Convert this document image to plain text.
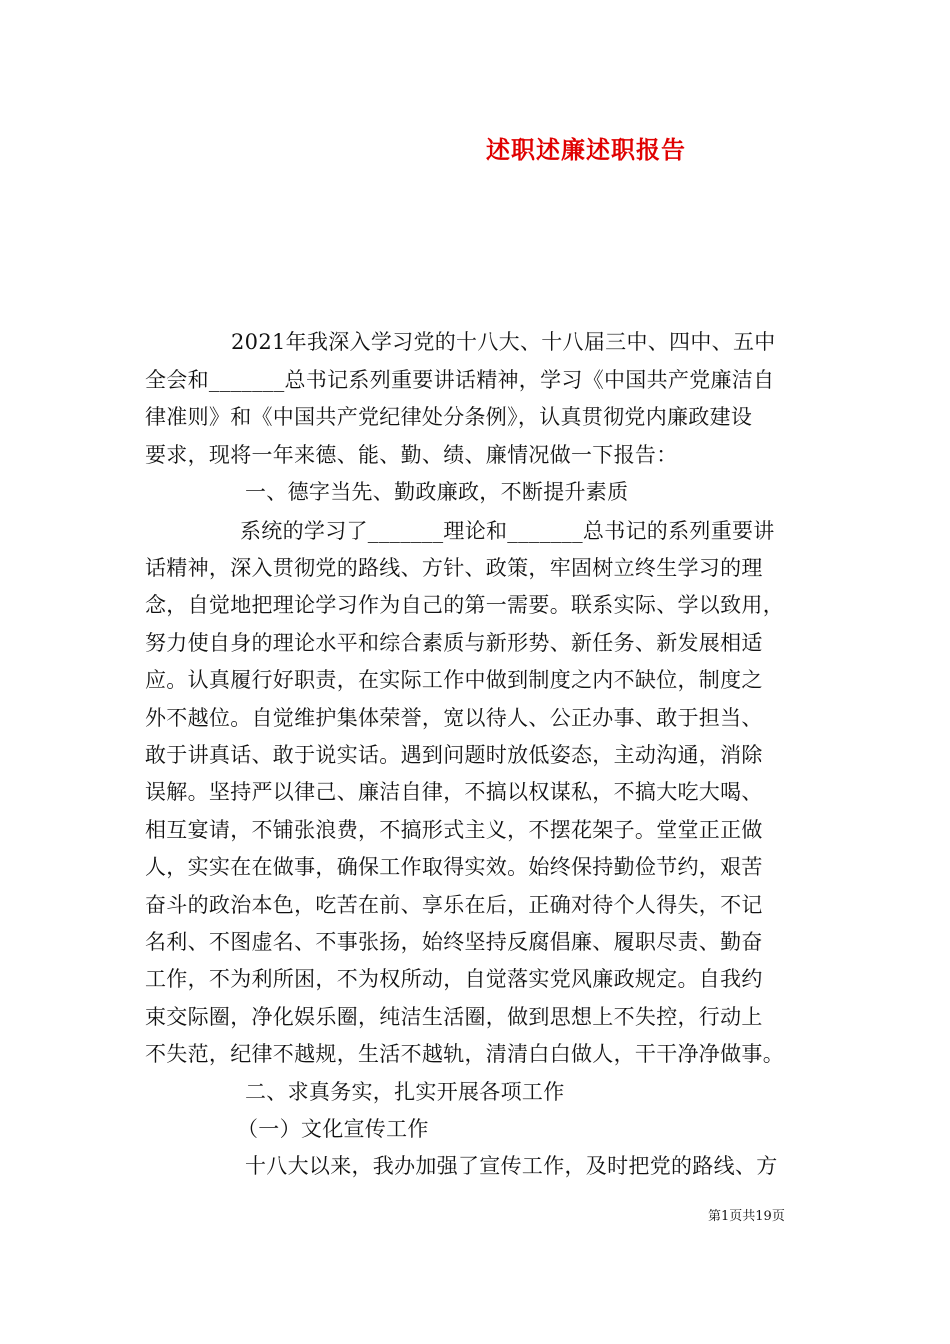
述职述廉述职报告
2021年我深入学习党的十八大、十八届三中、四中、五中
全会和_______总书记系列重要讲话精神，学习《中国共产党廉洁自
律准则》和《中国共产党纪律处分条例》，认真贯彻党内廉政建设
要求，现将一年来德、能、勤、绩、廉情况做一下报告：
一、德字当先、勤政廉政，不断提升素质
系统的学习了_______理论和_______总书记的系列重要讲
话精神，深入贯彻党的路线、方针、政策，牢固树立终生学习的理
念，自觉地把理论学习作为自己的第一需要。联系实际、学以致用，
努力使自身的理论水平和综合素质与新形势、新任务、新发展相适
应。认真履行好职责，在实际工作中做到制度之内不缺位，制度之
外不越位。自觉维护集体荣誉，宽以待人、公正办事、敢于担当、
敢于讲真话、敢于说实话。遇到问题时放低姿态，主动沟通，消除
误解。坚持严以律己、廉洁自律，不搞以权谋私，不搞大吃大喝、
相互宴请，不铺张浪费，不搞形式主义，不摆花架子。堂堂正正做
人，实实在在做事，确保工作取得实效。始终保持勤俭节约，艰苦
奋斗的政治本色，吃苦在前、享乐在后，正确对待个人得失，不记
名利、不图虚名、不事张扬，始终坚持反腐倡廉、履职尽责、勤奋
工作，不为利所困，不为权所动，自觉落实党风廉政规定。自我约
束交际圈，净化娱乐圈，纯洁生活圈，做到思想上不失控，行动上
不失范，纪律不越规，生活不越轨，清清白白做人，干干净净做事。
二、求真务实，扎实开展各项工作
（一）文化宣传工作
十八大以来，我办加强了宣传工作，及时把党的路线、方
第1页共19页
